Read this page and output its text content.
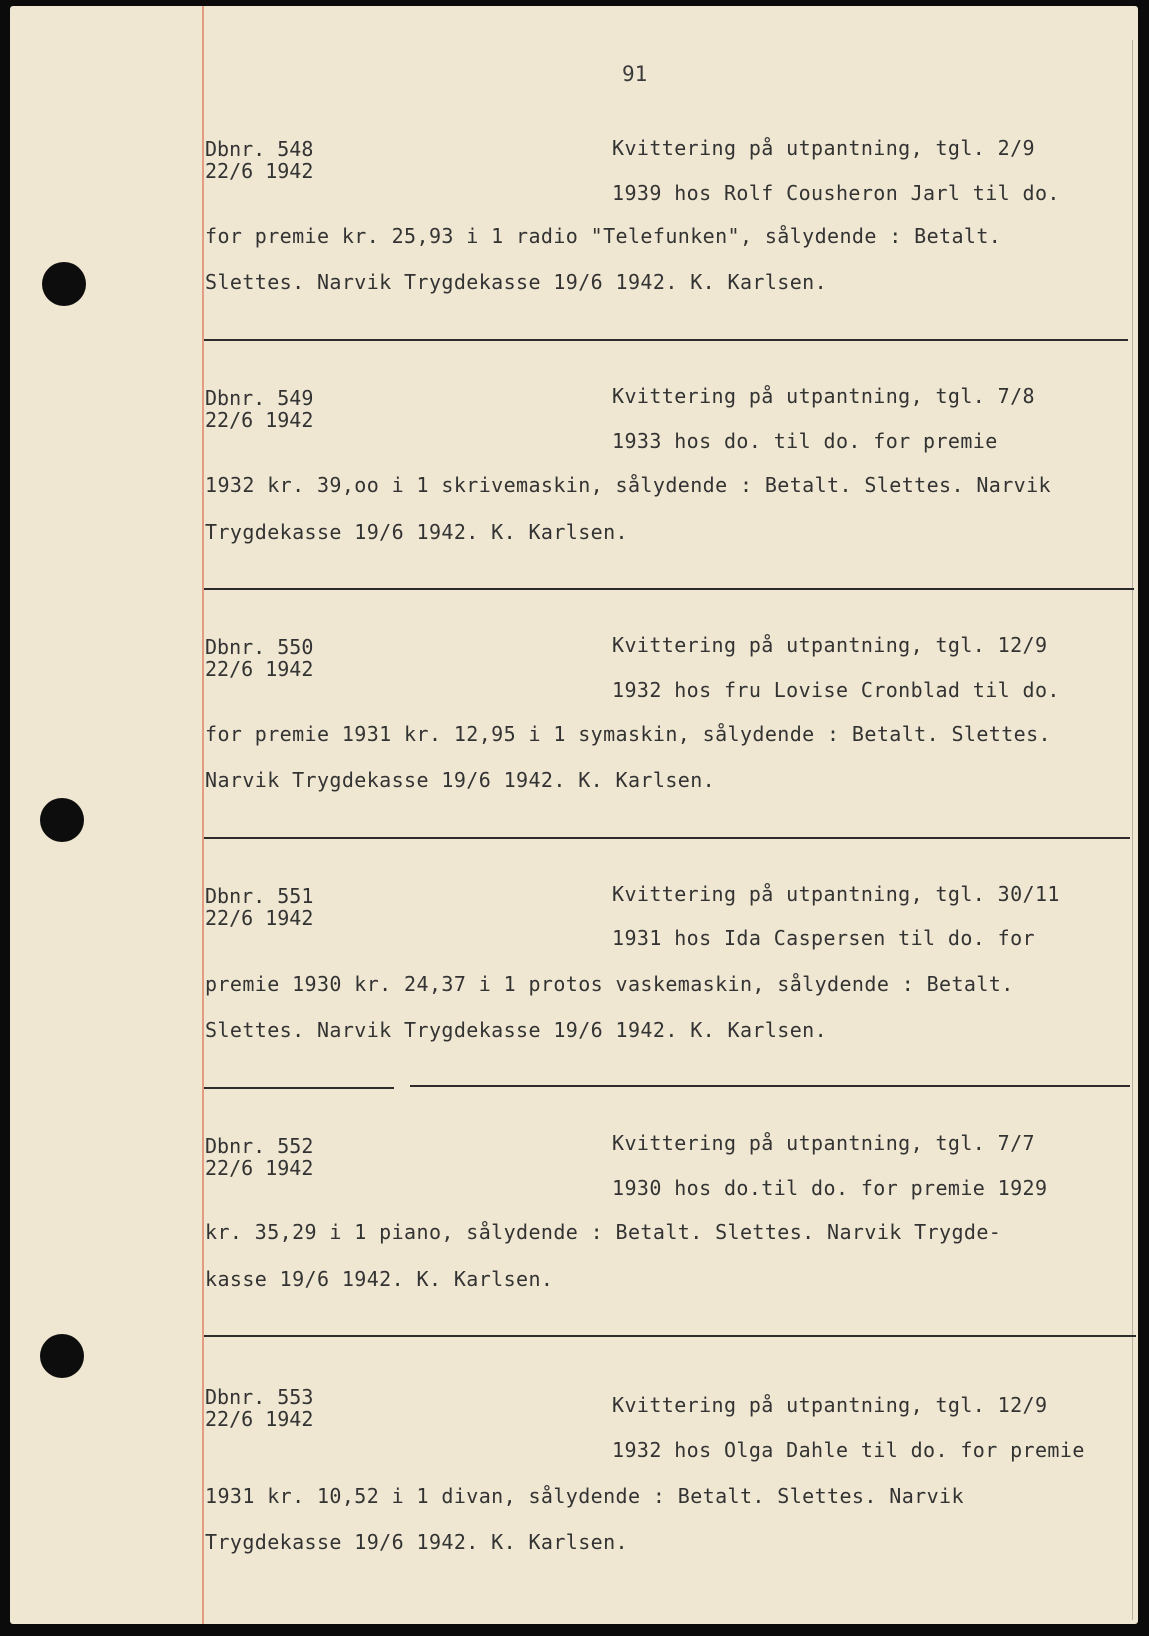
91
Dbnr. 548
22/6 1942
Kvittering på utpantning, tgl. 2/9
1939 hos Rolf Cousheron Jarl til do.
for premie kr. 25,93 i 1 radio "Telefunken", sålydende : Betalt.
Slettes. Narvik Trygdekasse 19/6 1942. K. Karlsen.
Dbnr. 549
22/6 1942
Kvittering på utpantning, tgl. 7/8
1933 hos do. til do. for premie
1932 kr. 39,oo i 1 skrivemaskin, sålydende : Betalt. Slettes. Narvik
Trygdekasse 19/6 1942. K. Karlsen.
Dbnr. 550
22/6 1942
Kvittering på utpantning, tgl. 12/9
1932 hos fru Lovise Cronblad til do.
for premie 1931 kr. 12,95 i 1 symaskin, sålydende : Betalt. Slettes.
Narvik Trygdekasse 19/6 1942. K. Karlsen.
Dbnr. 551
22/6 1942
Kvittering på utpantning, tgl. 30/11
1931 hos Ida Caspersen til do. for
premie 1930 kr. 24,37 i 1 protos vaskemaskin, sålydende : Betalt.
Slettes. Narvik Trygdekasse 19/6 1942. K. Karlsen.
Dbnr. 552
22/6 1942
Kvittering på utpantning, tgl. 7/7
1930 hos do.til do. for premie 1929
kr. 35,29 i 1 piano, sålydende : Betalt. Slettes. Narvik Trygde-
kasse 19/6 1942. K. Karlsen.
Dbnr. 553
22/6 1942
Kvittering på utpantning, tgl. 12/9
1932 hos Olga Dahle til do. for premie
1931 kr. 10,52 i 1 divan, sålydende : Betalt. Slettes. Narvik
Trygdekasse 19/6 1942. K. Karlsen.
